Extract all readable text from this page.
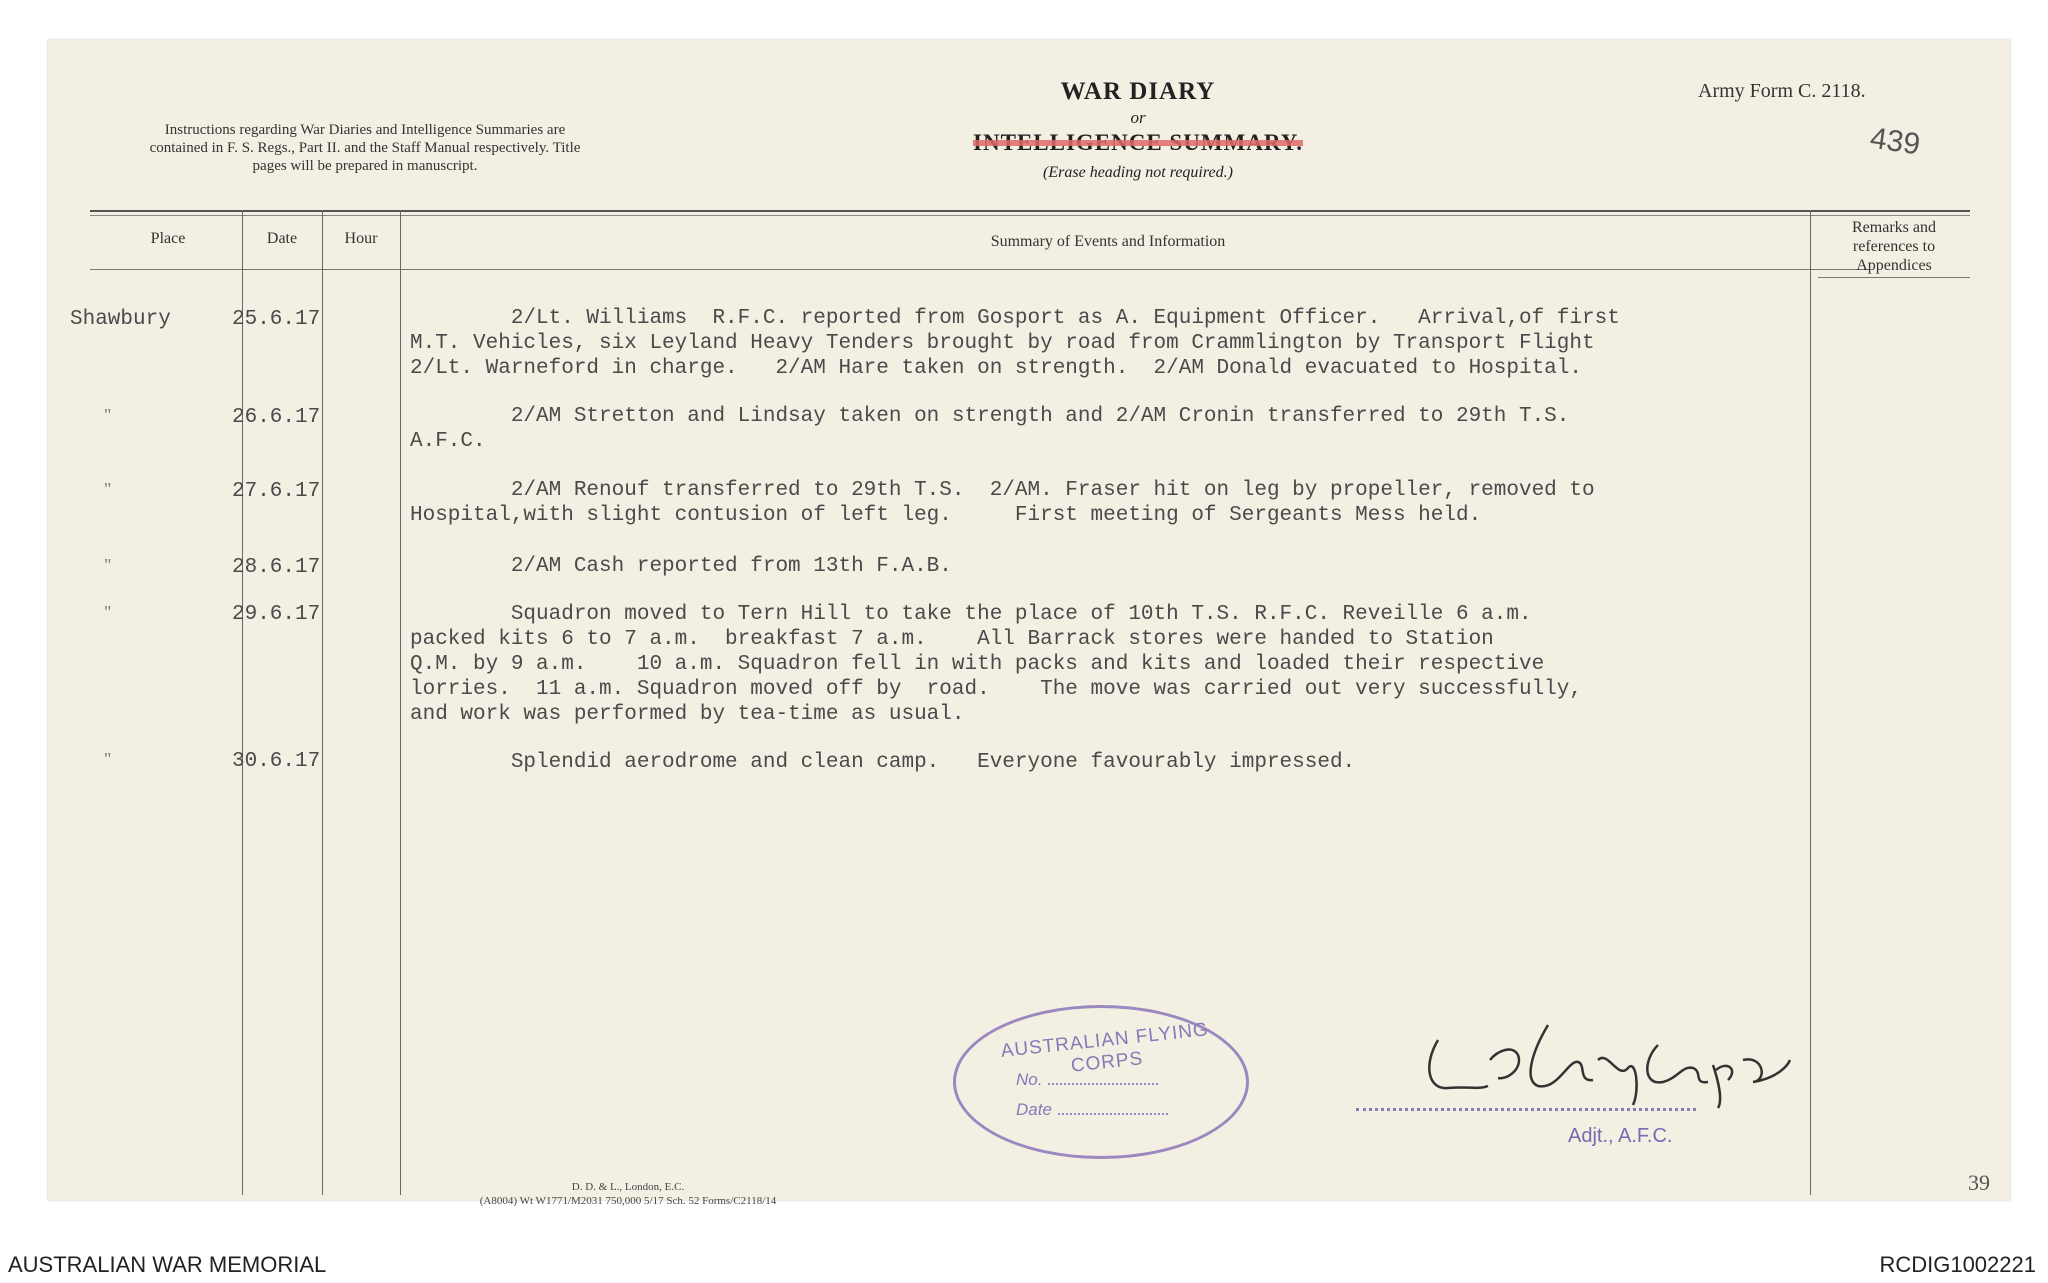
Instructions regarding War Diaries and Intelligence Summaries are contained in F. S. Regs., Part II. and the Staff Manual respectively. Title pages will be prepared in manuscript.
WAR DIARY
or
(Erase heading not required.)
Army Form C. 2118.
439
Place	Date	Hour	Summary of Events and Information
Remarks and references to Appendices
Shawbury	25.6.17	2/Lt. Williams  R.F.C. reported from Gosport as A. Equipment Officer.   Arrival,of first
M.T. Vehicles, six Leyland Heavy Tenders brought by road from Crammlington by Transport Flight
2/Lt. Warneford in charge.   2/AM Hare taken on strength.  2/AM Donald evacuated to Hospital.
"	26.6.17	2/AM Stretton and Lindsay taken on strength and 2/AM Cronin transferred to 29th T.S.
A.F.C.
"	27.6.17	2/AM Renouf transferred to 29th T.S.  2/AM. Fraser hit on leg by propeller, removed to
Hospital,with slight contusion of left leg.     First meeting of Sergeants Mess held.
"	28.6.17	2/AM Cash reported from 13th F.A.B.
"	29.6.17	Squadron moved to Tern Hill to take the place of 10th T.S. R.F.C. Reveille 6 a.m.
packed kits 6 to 7 a.m.  breakfast 7 a.m.    All Barrack stores were handed to Station
Q.M. by 9 a.m.    10 a.m. Squadron fell in with packs and kits and loaded their respective
lorries.  11 a.m. Squadron moved off by  road.    The move was carried out very successfully,
and work was performed by tea-time as usual.
"	30.6.17	Splendid aerodrome and clean camp.   Everyone favourably impressed.
AUSTRALIAN FLYING CORPS
No.
Date
Adjt., A.F.C.
D. D. & L., London, E.C.
(A8004) Wt W1771/M2031 750,000 5/17 Sch. 52 Forms/C2118/14
39
AUSTRALIAN WAR MEMORIAL	RCDIG1002221
